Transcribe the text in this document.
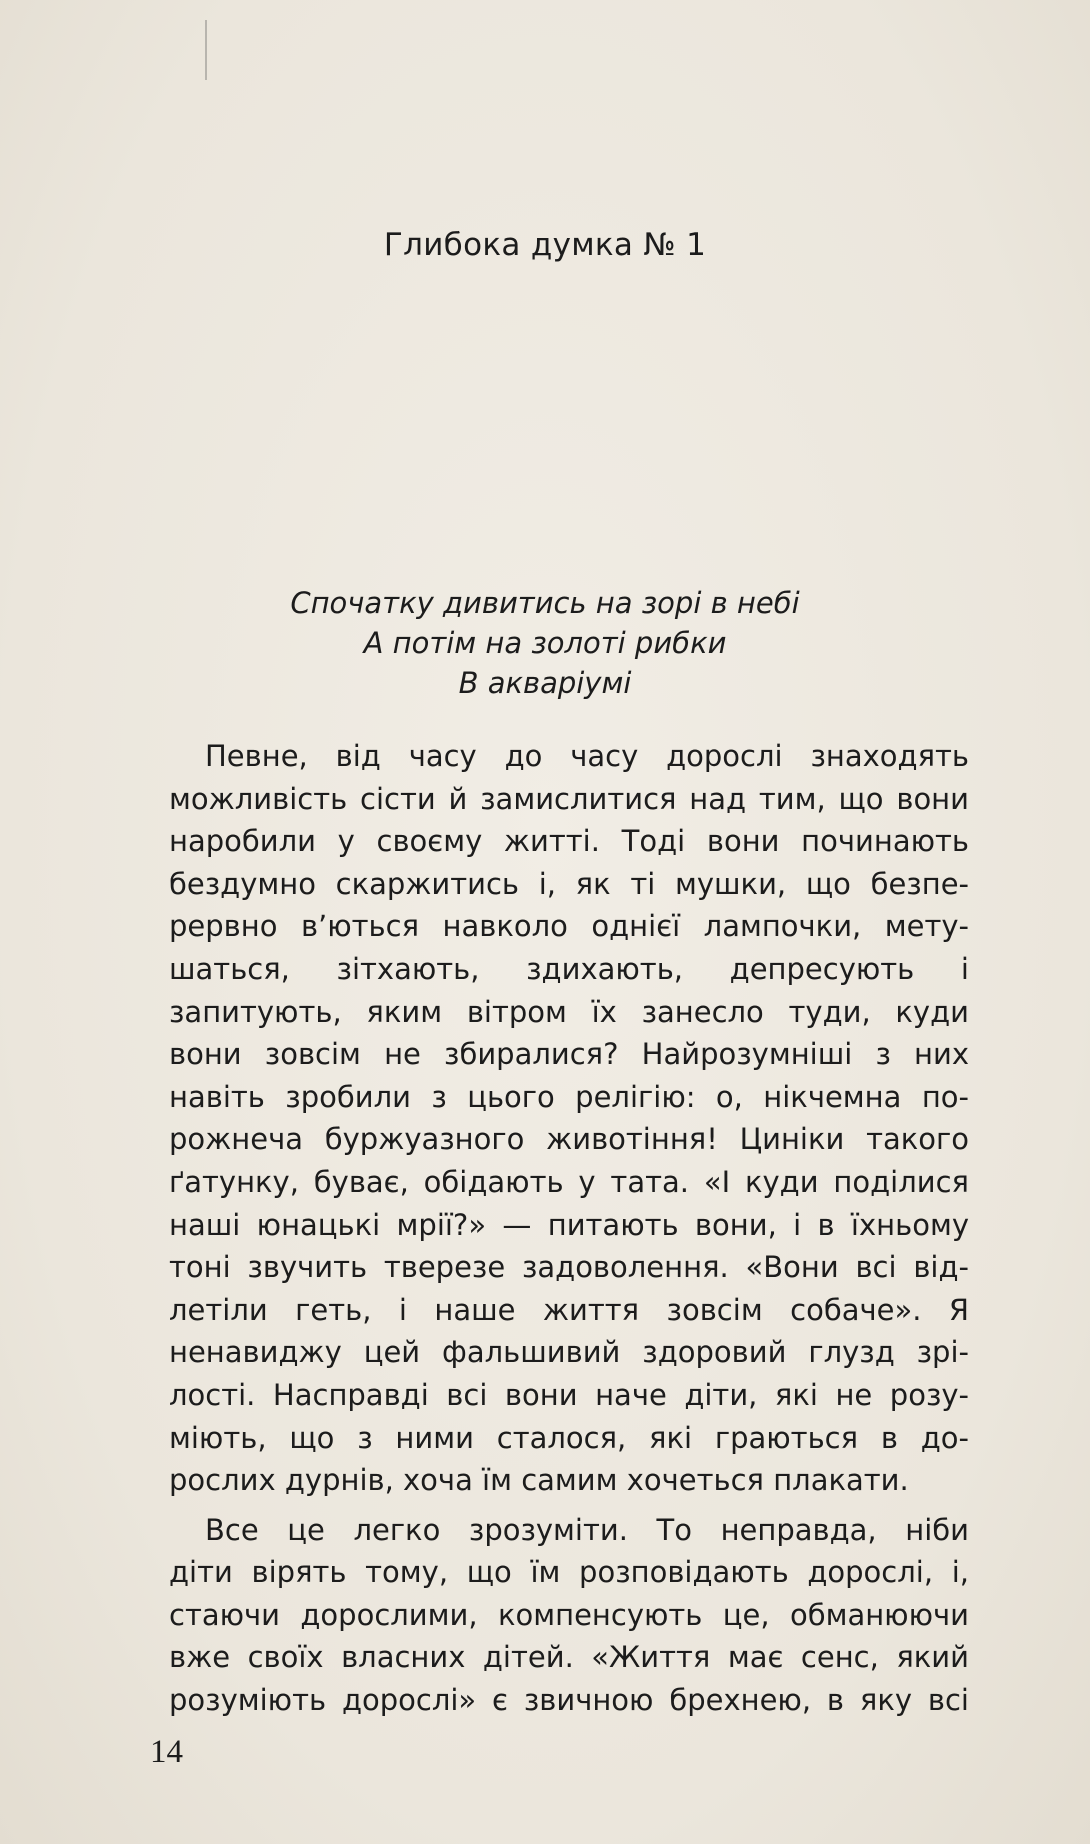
Глибока думка № 1
Спочатку дивитись на зорі в небі
А потім на золоті рибки
В акваріумі
Певне, від часу до часу дорослі знаходять
можливість сісти й замислитися над тим, що вони
наробили у своєму житті. Тоді вони починають
бездумно скаржитись і, як ті мушки, що безпе-
рервно в’ються навколо однієї лампочки, мету-
шаться, зітхають, здихають, депресують і
запитують, яким вітром їх занесло туди, куди
вони зовсім не збиралися? Найрозумніші з них
навіть зробили з цього релігію: о, нікчемна по-
рожнеча буржуазного животіння! Циніки такого
ґатунку, буває, обідають у тата. «І куди поділися
наші юнацькі мрії?» — питають вони, і в їхньому
тоні звучить тверезе задоволення. «Вони всі від-
летіли геть, і наше життя зовсім собаче». Я
ненавиджу цей фальшивий здоровий глузд зрі-
лості. Насправді всі вони наче діти, які не розу-
міють, що з ними сталося, які граються в до-
рослих дурнів, хоча їм самим хочеться плакати.
Все це легко зрозуміти. То неправда, ніби
діти вірять тому, що їм розповідають дорослі, і,
стаючи дорослими, компенсують це, обманюючи
вже своїх власних дітей. «Життя має сенс, який
розуміють дорослі» є звичною брехнею, в яку всі
14
